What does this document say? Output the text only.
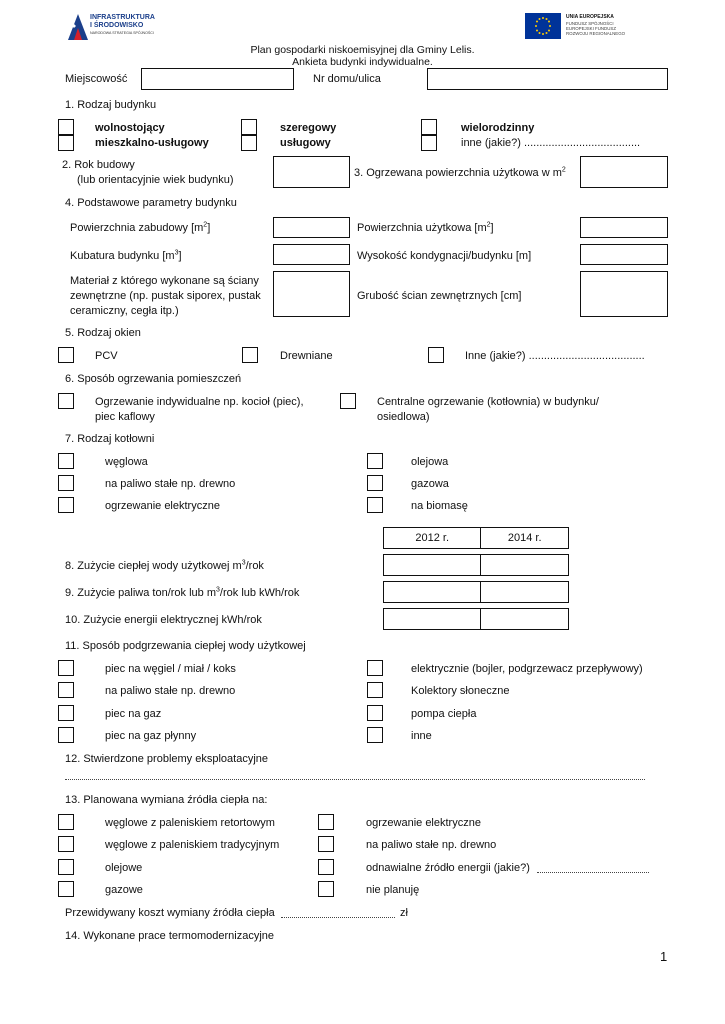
INFRASTRUKTURA
I ŚRODOWISKO
NARODOWA STRATEGIA SPÓJNOŚCI
UNIA EUROPEJSKA
FUNDUSZ SPÓJNOŚCI
EUROPEJSKI FUNDUSZ
ROZWOJU REGIONALNEGO
Plan gospodarki niskoemisyjnej dla Gminy Lelis.
Ankieta budynki indywidualne.
Miejscowość	Nr domu/ulica
1. Rodzaj budynku
wolnostojący
mieszkalno-usługowy
szeregowy
usługowy
wielorodzinny
inne (jakie?) ......................................
2. Rok budowy
(lub orientacyjnie wiek budynku)
3. Ogrzewana powierzchnia użytkowa w $m^2$
4. Podstawowe parametry budynku
Powierzchnia zabudowy $[m^2]$	Powierzchnia użytkowa $[m^2]$
Kubatura budynku $[m^3]$	Wysokość kondygnacji/budynku [m]
Materiał z którego wykonane są ściany
zewnętrzne (np. pustak siporex, pustak
ceramiczny, cegła itp.)
Grubość ścian zewnętrznych [cm]
5. Rodzaj okien
PCV	Drewniane	Inne (jakie?) ......................................
6. Sposób ogrzewania pomieszczeń
Ogrzewanie indywidualne np. kocioł (piec),
piec kaflowy
Centralne ogrzewanie (kotłownia) w budynku/
osiedlowa)
7. Rodzaj kotłowni
węglowa
na paliwo stałe np. drewno
ogrzewanie elektryczne
olejowa
gazowa
na biomasę
2012 r.	2014 r.

8. Zużycie ciepłej wody użytkowej $m^3$/rok
9. Zużycie paliwa ton/rok lub $m^3$/rok lub kWh/rok
10. Zużycie energii elektrycznej kWh/rok
11. Sposób podgrzewania ciepłej wody użytkowej
piec na węgiel / miał / koks
na paliwo stałe np. drewno
piec na gaz
piec na gaz płynny
elektrycznie (bojler, podgrzewacz przepływowy)
Kolektory słoneczne
pompa ciepła
inne
12. Stwierdzone problemy eksploatacyjne
13. Planowana wymiana źródła ciepła na:
węglowe z paleniskiem retortowym
węglowe z paleniskiem tradycyjnym
olejowe
gazowe
ogrzewanie elektryczne
na paliwo stałe np. drewno
odnawialne źródło energii (jakie?)
nie planuję
Przewidywany koszt wymiany źródła ciepła	zł
14. Wykonane prace termomodernizacyjne
1
